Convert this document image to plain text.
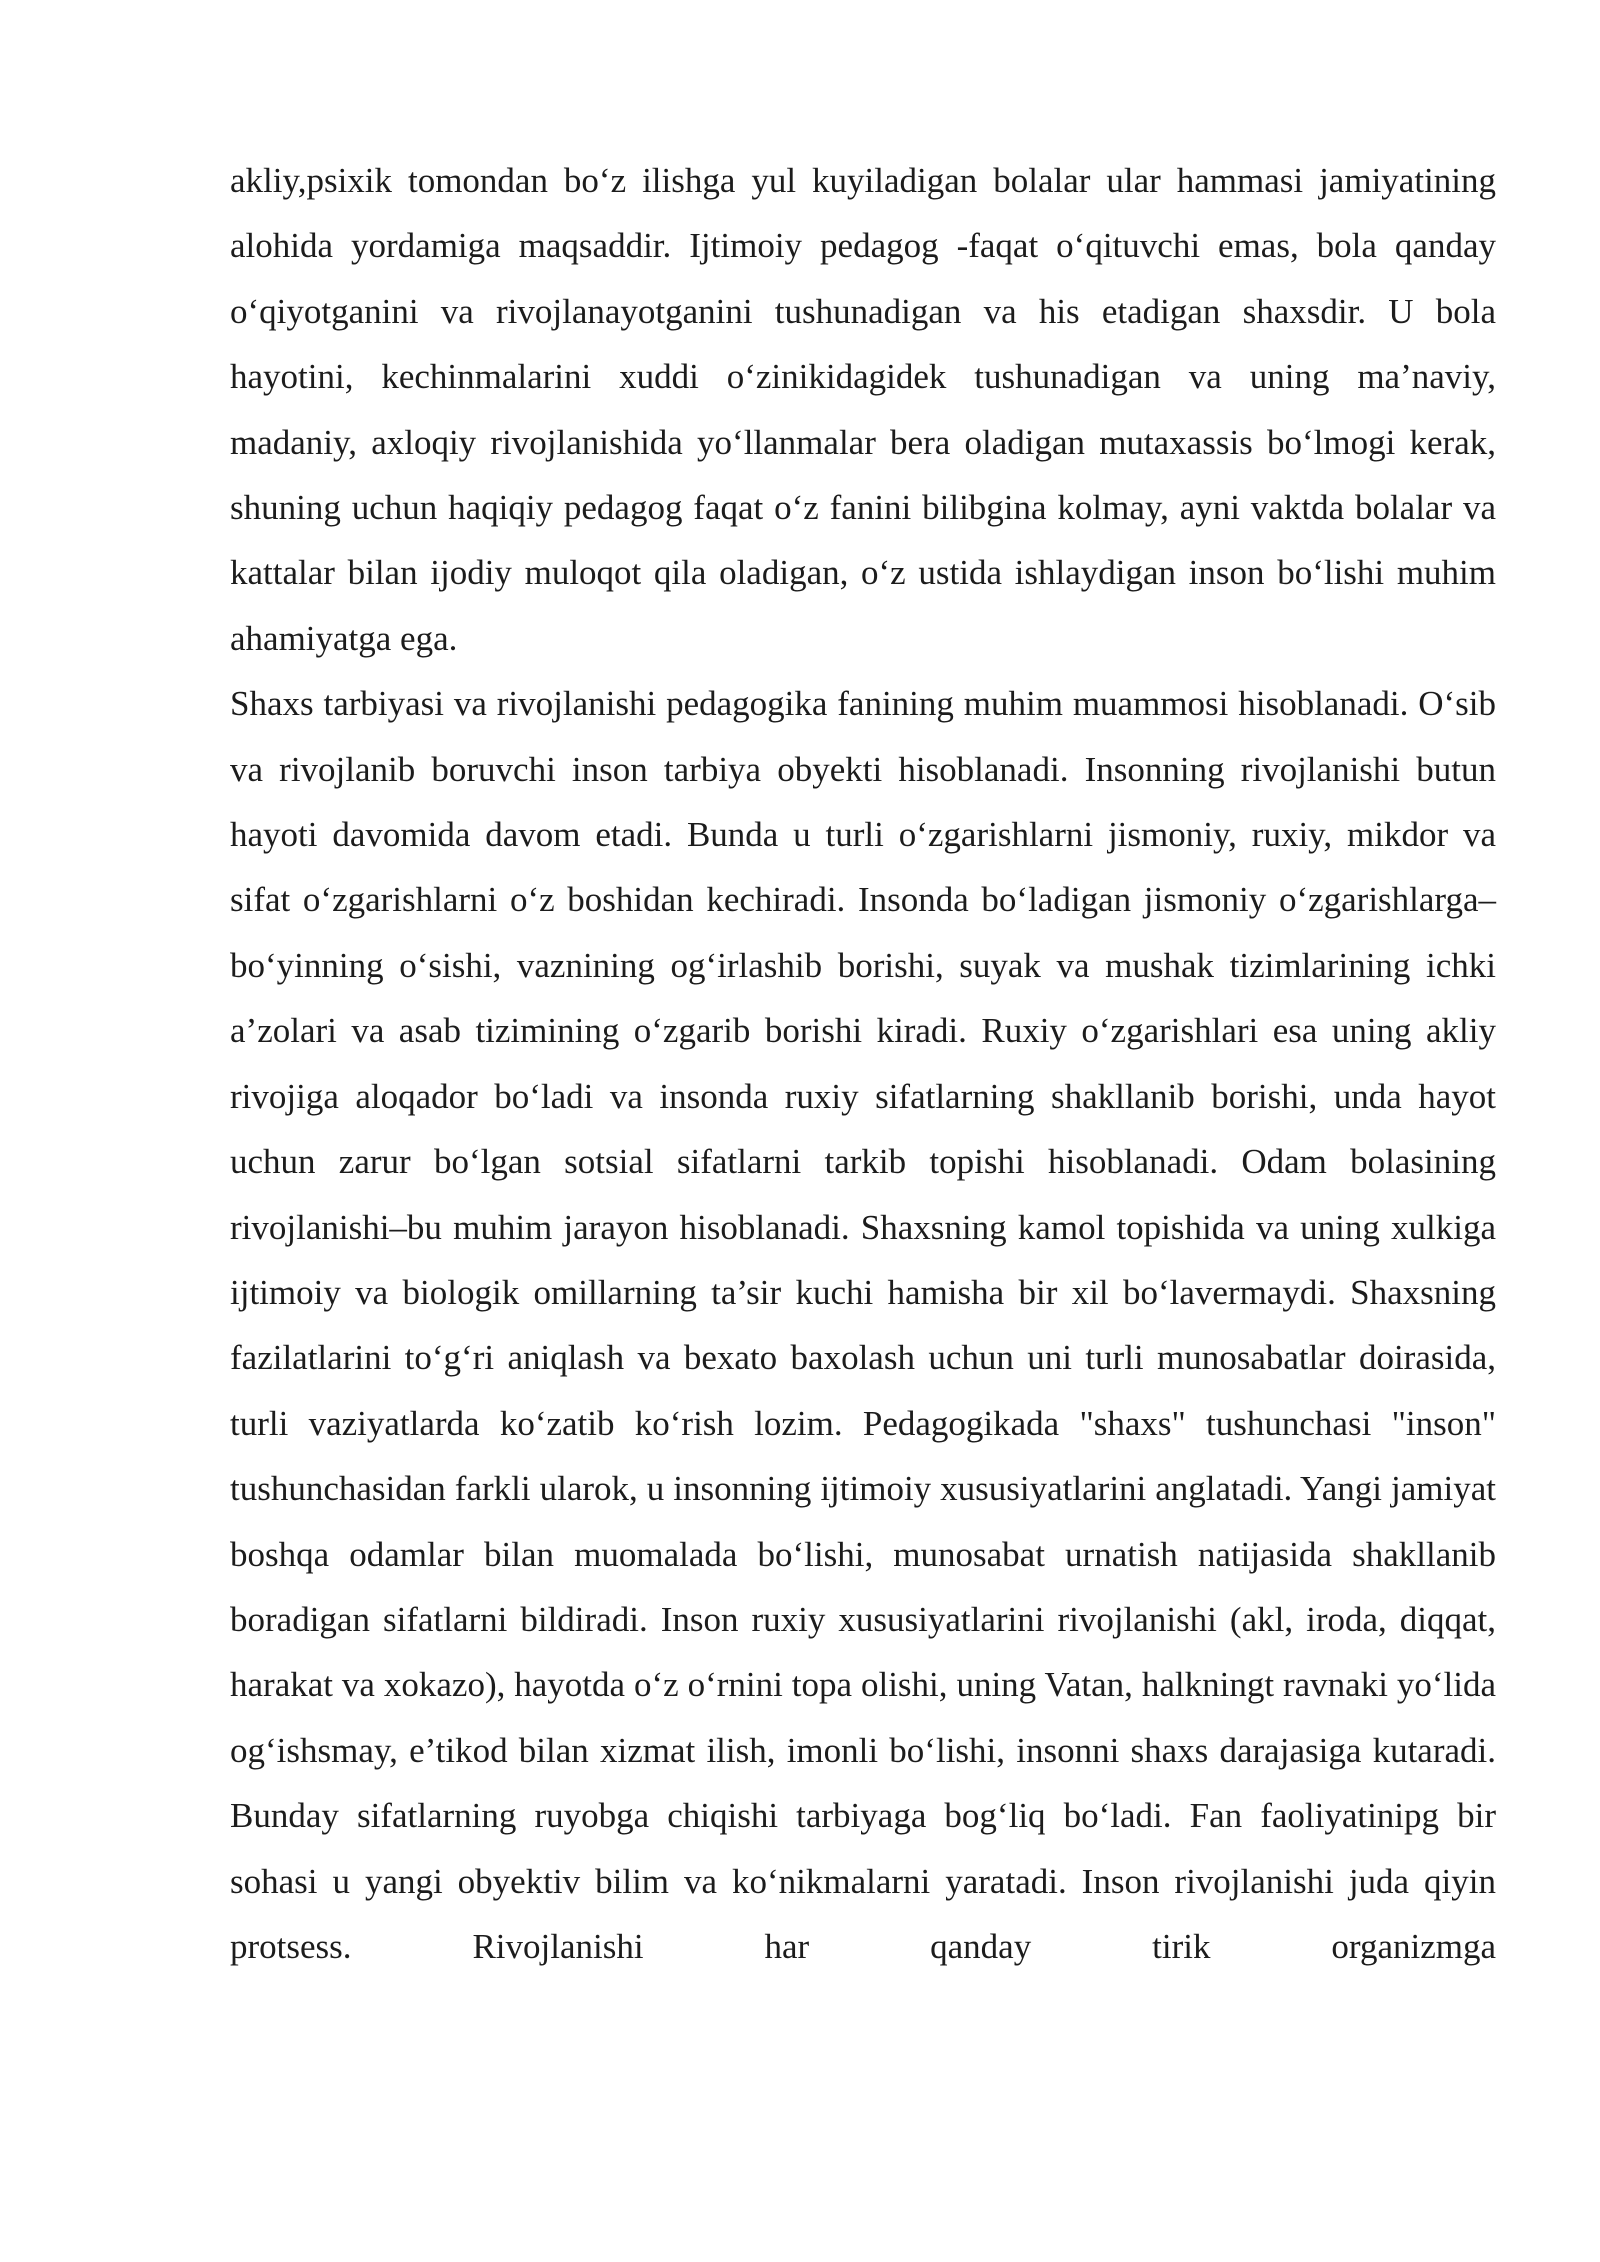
akliy,psixik tomondan bo‘z ilishga yul kuyiladigan bolalar ular hammasi jamiyatining alohida yordamiga maqsaddir. Ijtimoiy pedagog -faqat o‘qituvchi emas, bola qanday o‘qiyotganini va rivojlanayotganini tushunadigan va his etadigan shaxsdir. U bola hayotini, kechinmalarini xuddi o‘zinikidagidek tushunadigan va uning ma’naviy, madaniy, axloqiy rivojlanishida yo‘llanmalar bera oladigan mutaxassis bo‘lmogi kerak, shuning uchun haqiqiy pedagog faqat o‘z fanini bilibgina kolmay, ayni vaktda bolalar va kattalar bilan ijodiy muloqot qila oladigan, o‘z ustida ishlaydigan inson bo‘lishi muhim ahamiyatga ega.

Shaxs tarbiyasi va rivojlanishi pedagogika fanining muhim muammosi hisoblanadi. O‘sib va rivojlanib boruvchi inson tarbiya obyekti hisoblanadi. Insonning rivojlanishi butun hayoti davomida davom etadi. Bunda u turli o‘zgarishlarni jismoniy, ruxiy, mikdor va sifat o‘zgarishlarni o‘z boshidan kechiradi. Insonda bo‘ladigan jismoniy o‘zgarishlarga–bo‘yinning o‘sishi, vaznining og‘irlashib borishi, suyak va mushak tizimlarining ichki a’zolari va asab tizimining o‘zgarib borishi kiradi. Ruxiy o‘zgarishlari esa uning akliy rivojiga aloqador bo‘ladi va insonda ruxiy sifatlarning shakllanib borishi, unda hayot uchun zarur bo‘lgan sotsial sifatlarni tarkib topishi hisoblanadi. Odam bolasining rivojlanishi–bu muhim jarayon hisoblanadi. Shaxsning kamol topishida va uning xulkiga ijtimoiy va biologik omillarning ta’sir kuchi hamisha bir xil bo‘lavermaydi. Shaxsning fazilatlarini to‘g‘ri aniqlash va bexato baxolash uchun uni turli munosabatlar doirasida, turli vaziyatlarda ko‘zatib ko‘rish lozim. Pedagogikada "shaxs" tushunchasi "inson" tushunchasidan farkli ularok, u insonning ijtimoiy xususiyatlarini anglatadi. Yangi jamiyat boshqa odamlar bilan muomalada bo‘lishi, munosabat urnatish natijasida shakllanib boradigan sifatlarni bildiradi. Inson ruxiy xususiyatlarini rivojlanishi (akl, iroda, diqqat, harakat va xokazo), hayotda o‘z o‘rnini topa olishi, uning Vatan, halkningt ravnaki yo‘lida og‘ishsmay, e’tikod bilan xizmat ilish, imonli bo‘lishi, insonni shaxs darajasiga kutaradi. Bunday sifatlarning ruyobga chiqishi tarbiyaga bog‘liq bo‘ladi. Fan faoliyatinipg bir sohasi u yangi obyektiv bilim va ko‘nikmalarni yaratadi. Inson rivojlanishi juda qiyin protsess. Rivojlanishi har qanday tirik organizmga
